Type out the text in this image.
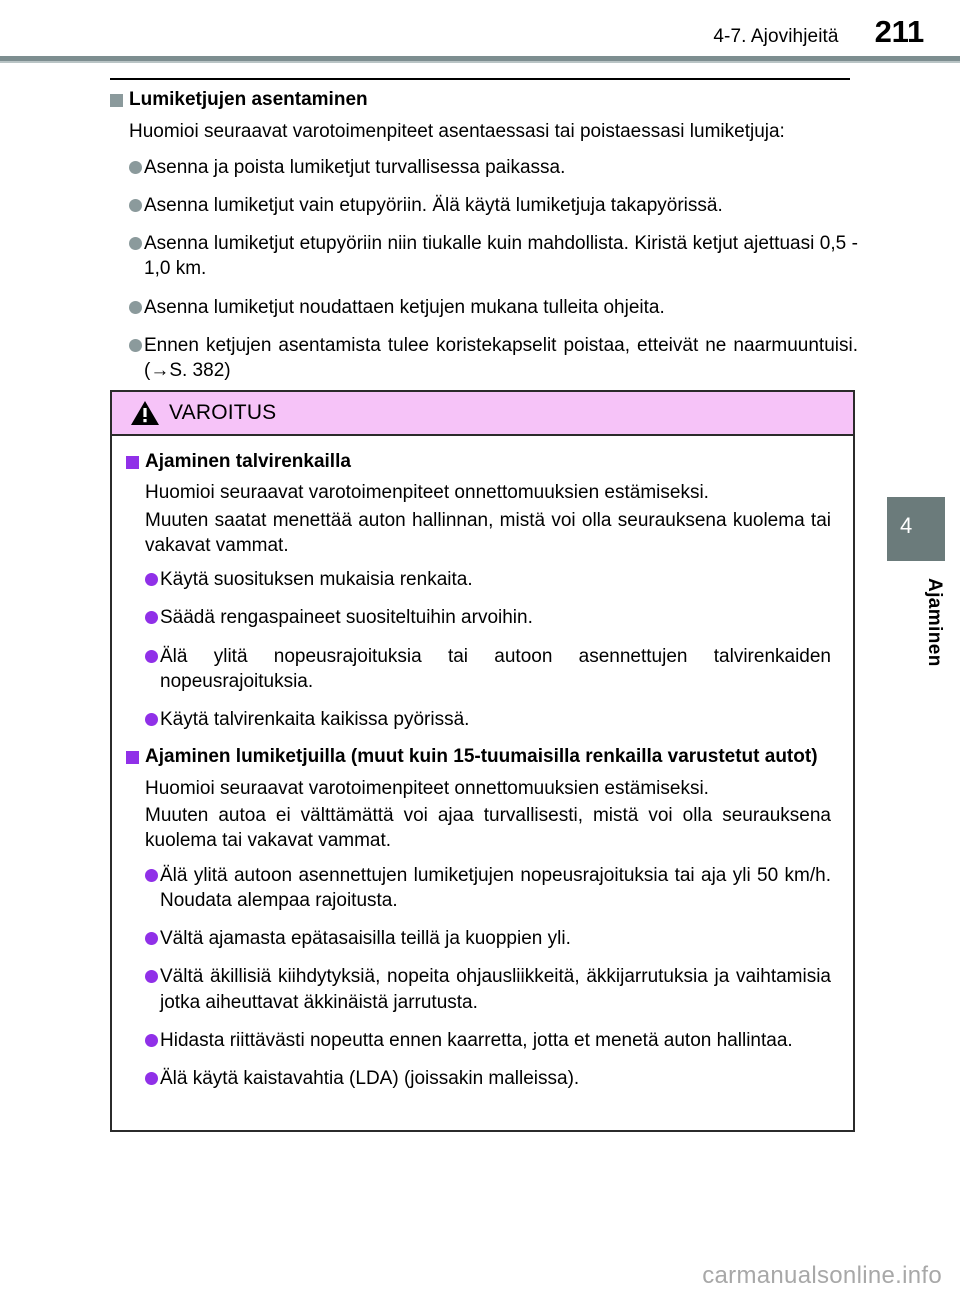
4-7. Ajovihjeitä 211
4
Ajaminen
Lumiketjujen asentaminen
Huomioi seuraavat varotoimenpiteet asentaessasi tai poistaessasi lumiketjuja:
Asenna ja poista lumiketjut turvallisessa paikassa.
Asenna lumiketjut vain etupyöriin. Älä käytä lumiketjuja takapyörissä.
Asenna lumiketjut etupyöriin niin tiukalle kuin mahdollista. Kiristä ketjut ajettuasi 0,5 - 1,0 km.
Asenna lumiketjut noudattaen ketjujen mukana tulleita ohjeita.
Ennen ketjujen asentamista tulee koristekapselit poistaa, etteivät ne naarmuuntuisi. (→S. 382)
VAROITUS
Ajaminen talvirenkailla
Huomioi seuraavat varotoimenpiteet onnettomuuksien estämiseksi.
Muuten saatat menettää auton hallinnan, mistä voi olla seurauksena kuolema tai vakavat vammat.
Käytä suosituksen mukaisia renkaita.
Säädä rengaspaineet suositeltuihin arvoihin.
Älä ylitä nopeusrajoituksia tai autoon asennettujen talvirenkaiden nopeusrajoituksia.
Käytä talvirenkaita kaikissa pyörissä.
Ajaminen lumiketjuilla (muut kuin 15-tuumaisilla renkailla varustetut autot)
Huomioi seuraavat varotoimenpiteet onnettomuuksien estämiseksi.
Muuten autoa ei välttämättä voi ajaa turvallisesti, mistä voi olla seurauksena kuolema tai vakavat vammat.
Älä ylitä autoon asennettujen lumiketjujen nopeusrajoituksia tai aja yli 50 km/h. Noudata alempaa rajoitusta.
Vältä ajamasta epätasaisilla teillä ja kuoppien yli.
Vältä äkillisiä kiihdytyksiä, nopeita ohjausliikkeitä, äkkijarrutuksia ja vaihtamisia jotka aiheuttavat äkkinäistä jarrutusta.
Hidasta riittävästi nopeutta ennen kaarretta, jotta et menetä auton hallintaa.
Älä käytä kaistavahtia (LDA) (joissakin malleissa).
carmanualsonline.info
